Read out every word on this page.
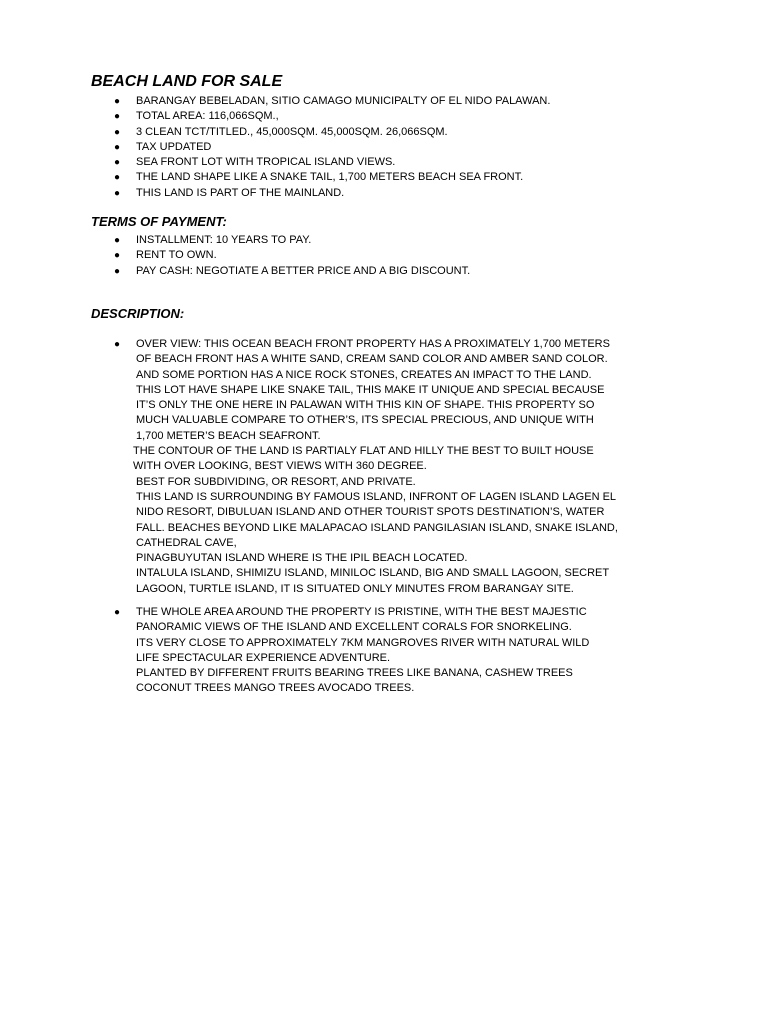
BEACH LAND FOR SALE
● BARANGAY BEBELADAN, SITIO CAMAGO MUNICIPALTY OF EL NIDO PALAWAN.
● TOTAL AREA: 116,066SQM.,
● 3 CLEAN TCT/TITLED., 45,000SQM. 45,000SQM. 26,066SQM.
● TAX UPDATED
● SEA FRONT LOT WITH TROPICAL ISLAND VIEWS.
● THE LAND SHAPE LIKE A SNAKE TAIL, 1,700 METERS BEACH SEA FRONT.
● THIS LAND IS PART OF THE MAINLAND.
TERMS OF PAYMENT:
● INSTALLMENT: 10 YEARS TO PAY.
● RENT TO OWN.
● PAY CASH: NEGOTIATE A BETTER PRICE AND A BIG DISCOUNT.
DESCRIPTION:
●	OVER VIEW: THIS OCEAN BEACH FRONT PROPERTY HAS A PROXIMATELY 1,700 METERS
OF BEACH FRONT HAS A WHITE SAND, CREAM SAND COLOR AND AMBER SAND COLOR.
AND SOME PORTION HAS A NICE ROCK STONES, CREATES AN IMPACT TO THE LAND.
THIS LOT HAVE SHAPE LIKE SNAKE TAIL, THIS MAKE IT UNIQUE AND SPECIAL BECAUSE
IT’S ONLY THE ONE HERE IN PALAWAN WITH THIS KIN OF SHAPE. THIS PROPERTY SO
MUCH VALUABLE COMPARE TO OTHER’S, ITS SPECIAL PRECIOUS, AND UNIQUE WITH
1,700 METER’S BEACH SEAFRONT.
THE CONTOUR OF THE LAND IS PARTIALY FLAT AND HILLY THE BEST TO BUILT HOUSE
WITH OVER LOOKING, BEST VIEWS WITH 360 DEGREE.
BEST FOR SUBDIVIDING, OR RESORT, AND PRIVATE.
THIS LAND IS SURROUNDING BY FAMOUS ISLAND, INFRONT OF LAGEN ISLAND LAGEN EL
NIDO RESORT, DIBULUAN ISLAND AND OTHER TOURIST SPOTS DESTINATION’S, WATER
FALL. BEACHES BEYOND LIKE MALAPACAO ISLAND PANGILASIAN ISLAND, SNAKE ISLAND,
CATHEDRAL CAVE,
PINAGBUYUTAN ISLAND WHERE IS THE IPIL BEACH LOCATED.
INTALULA ISLAND, SHIMIZU ISLAND, MINILOC ISLAND, BIG AND SMALL LAGOON, SECRET
LAGOON, TURTLE ISLAND, IT IS SITUATED ONLY MINUTES FROM BARANGAY SITE.
●	THE WHOLE AREA AROUND THE PROPERTY IS PRISTINE, WITH THE BEST MAJESTIC
PANORAMIC VIEWS OF THE ISLAND AND EXCELLENT CORALS FOR SNORKELING.
ITS VERY CLOSE TO APPROXIMATELY 7KM MANGROVES RIVER WITH NATURAL WILD
LIFE SPECTACULAR EXPERIENCE ADVENTURE.
PLANTED BY DIFFERENT FRUITS BEARING TREES LIKE BANANA, CASHEW TREES
COCONUT TREES MANGO TREES AVOCADO TREES.
